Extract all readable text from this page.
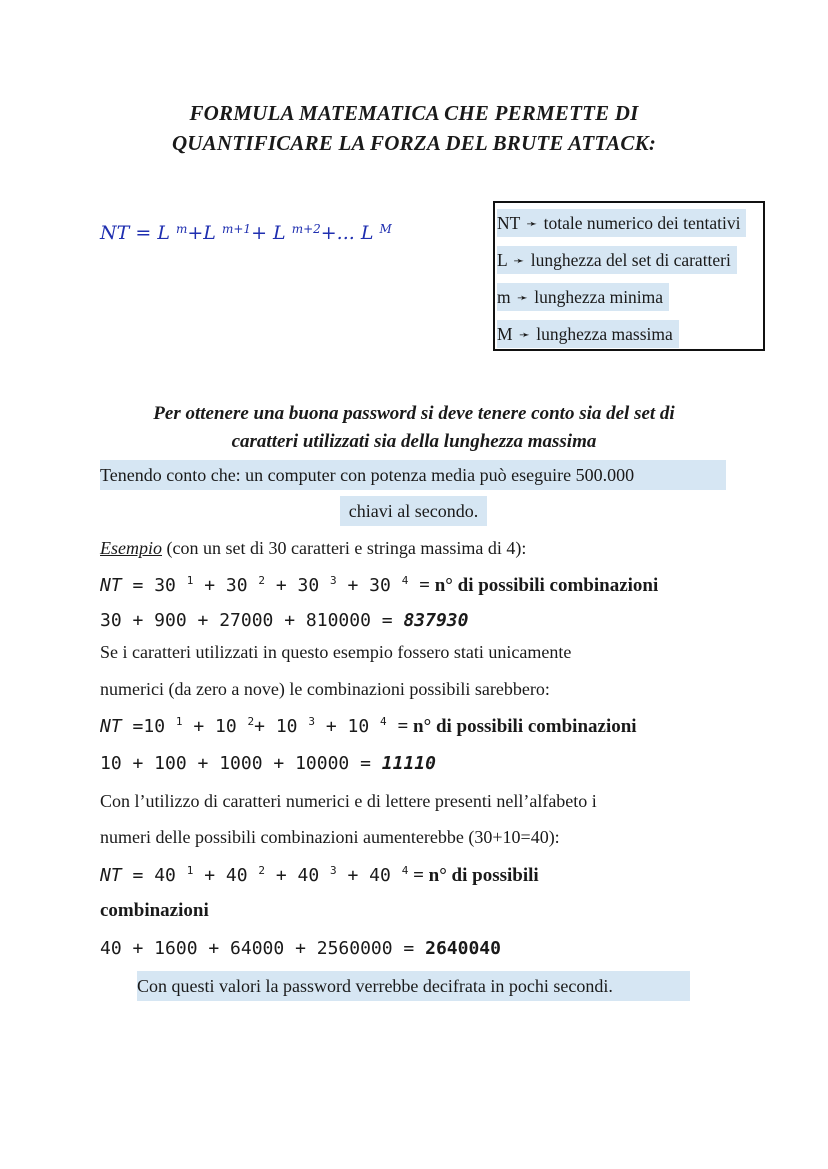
FORMULA MATEMATICA CHE PERMETTE DI
QUANTIFICARE LA FORZA DEL BRUTE ATTACK:
NT = L $^m$+L $^{m+1}$+ L $^{m+2}$+... L $^M$	NT ➛ totale numerico dei tentativi
L ➛ lunghezza del set di caratteri
m ➛ lunghezza minima
M ➛ lunghezza massima
Per ottenere una buona password si deve tenere conto sia del set di
caratteri utilizzati sia della lunghezza massima
Tenendo conto che: un computer con potenza media può eseguire 500.000
chiavi al secondo.
Esempio (con un set di 30 caratteri e stringa massima di 4):
NT = 30 $^1$ + 30 $^2$ + 30 $^3$ + 30 $^4$ = n° di possibili combinazioni
30 + 900 + 27000 + 810000 = 837930
Se i caratteri utilizzati in questo esempio fossero stati unicamente
numerici (da zero a nove) le combinazioni possibili sarebbero:
NT =10 $^1$ + 10 $^2$+ 10 $^3$ + 10 $^4$ = n° di possibili combinazioni
10 + 100 + 1000 + 10000 = 11110
Con l’utilizzo di caratteri numerici e di lettere presenti nell’alfabeto i
numeri delle possibili combinazioni aumenterebbe (30+10=40):
NT = 40 $^1$ + 40 $^2$ + 40 $^3$ + 40 $^4$ = n° di possibili
combinazioni
40 + 1600 + 64000 + 2560000 = 2640040
Con questi valori la password verrebbe decifrata in pochi secondi.
